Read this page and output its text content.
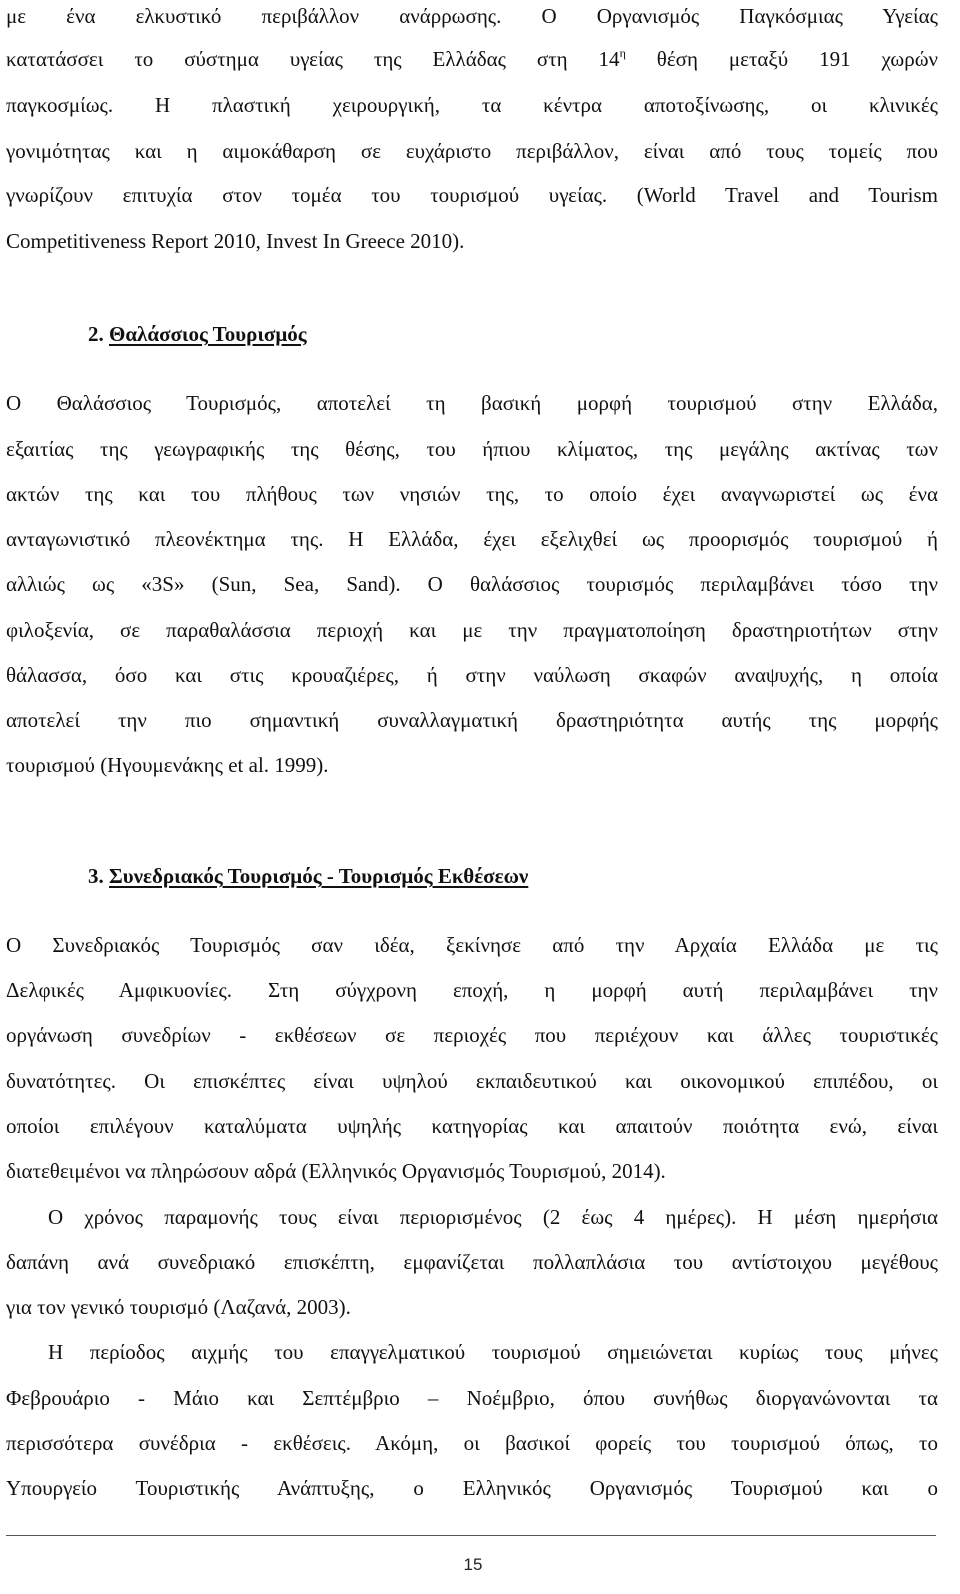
με ένα ελκυστικό περιβάλλον ανάρρωσης. Ο Οργανισμός Παγκόσμιας Υγείας
κατατάσσει το σύστημα υγείας της Ελλάδας στη $14^\eta$ θέση μεταξύ 191 χωρών
παγκοσμίως. Η πλαστική χειρουργική, τα κέντρα αποτοξίνωσης, οι κλινικές
γονιμότητας και η αιμοκάθαρση σε ευχάριστο περιβάλλον, είναι από τους τομείς που
γνωρίζουν επιτυχία στον τομέα του τουρισμού υγείας. (World Travel and Tourism
Competitiveness Report 2010, Invest In Greece 2010).
2. Θαλάσσιος Τουρισμός
Ο Θαλάσσιος Τουρισμός, αποτελεί τη βασική μορφή τουρισμού στην Ελλάδα,
εξαιτίας της γεωγραφικής της θέσης, του ήπιου κλίματος, της μεγάλης ακτίνας των
ακτών της και του πλήθους των νησιών της, το οποίο έχει αναγνωριστεί ως ένα
ανταγωνιστικό πλεονέκτημα της. Η Ελλάδα, έχει εξελιχθεί ως προορισμός τουρισμού ή
αλλιώς ως «3S» (Sun, Sea, Sand). Ο θαλάσσιος τουρισμός περιλαμβάνει τόσο την
φιλοξενία, σε παραθαλάσσια περιοχή και με την πραγματοποίηση δραστηριοτήτων στην
θάλασσα, όσο και στις κρουαζιέρες, ή στην ναύλωση σκαφών αναψυχής, η οποία
αποτελεί την πιο σημαντική συναλλαγματική δραστηριότητα αυτής της μορφής
τουρισμού (Ηγουμενάκης et al. 1999).
3. Συνεδριακός Τουρισμός - Τουρισμός Εκθέσεων
Ο Συνεδριακός Τουρισμός σαν ιδέα, ξεκίνησε από την Αρχαία Ελλάδα με τις
Δελφικές Αμφικυονίες. Στη σύγχρονη εποχή, η μορφή αυτή περιλαμβάνει την
οργάνωση συνεδρίων - εκθέσεων σε περιοχές που περιέχουν και άλλες τουριστικές
δυνατότητες. Οι επισκέπτες είναι υψηλού εκπαιδευτικού και οικονομικού επιπέδου, οι
οποίοι επιλέγουν καταλύματα υψηλής κατηγορίας και απαιτούν ποιότητα ενώ, είναι
διατεθειμένοι να πληρώσουν αδρά (Ελληνικός Οργανισμός Τουρισμού, 2014).
Ο χρόνος παραμονής τους είναι περιορισμένος (2 έως 4 ημέρες). Η μέση ημερήσια
δαπάνη ανά συνεδριακό επισκέπτη, εμφανίζεται πολλαπλάσια του αντίστοιχου μεγέθους
για τον γενικό τουρισμό (Λαζανά, 2003).
Η περίοδος αιχμής του επαγγελματικού τουρισμού σημειώνεται κυρίως τους μήνες
Φεβρουάριο - Μάιο και Σεπτέμβριο – Νοέμβριο, όπου συνήθως διοργανώνονται τα
περισσότερα συνέδρια - εκθέσεις. Ακόμη, οι βασικοί φορείς του τουρισμού όπως, το
Υπουργείο Τουριστικής Ανάπτυξης, ο Ελληνικός Οργανισμός Τουρισμού και ο
15
